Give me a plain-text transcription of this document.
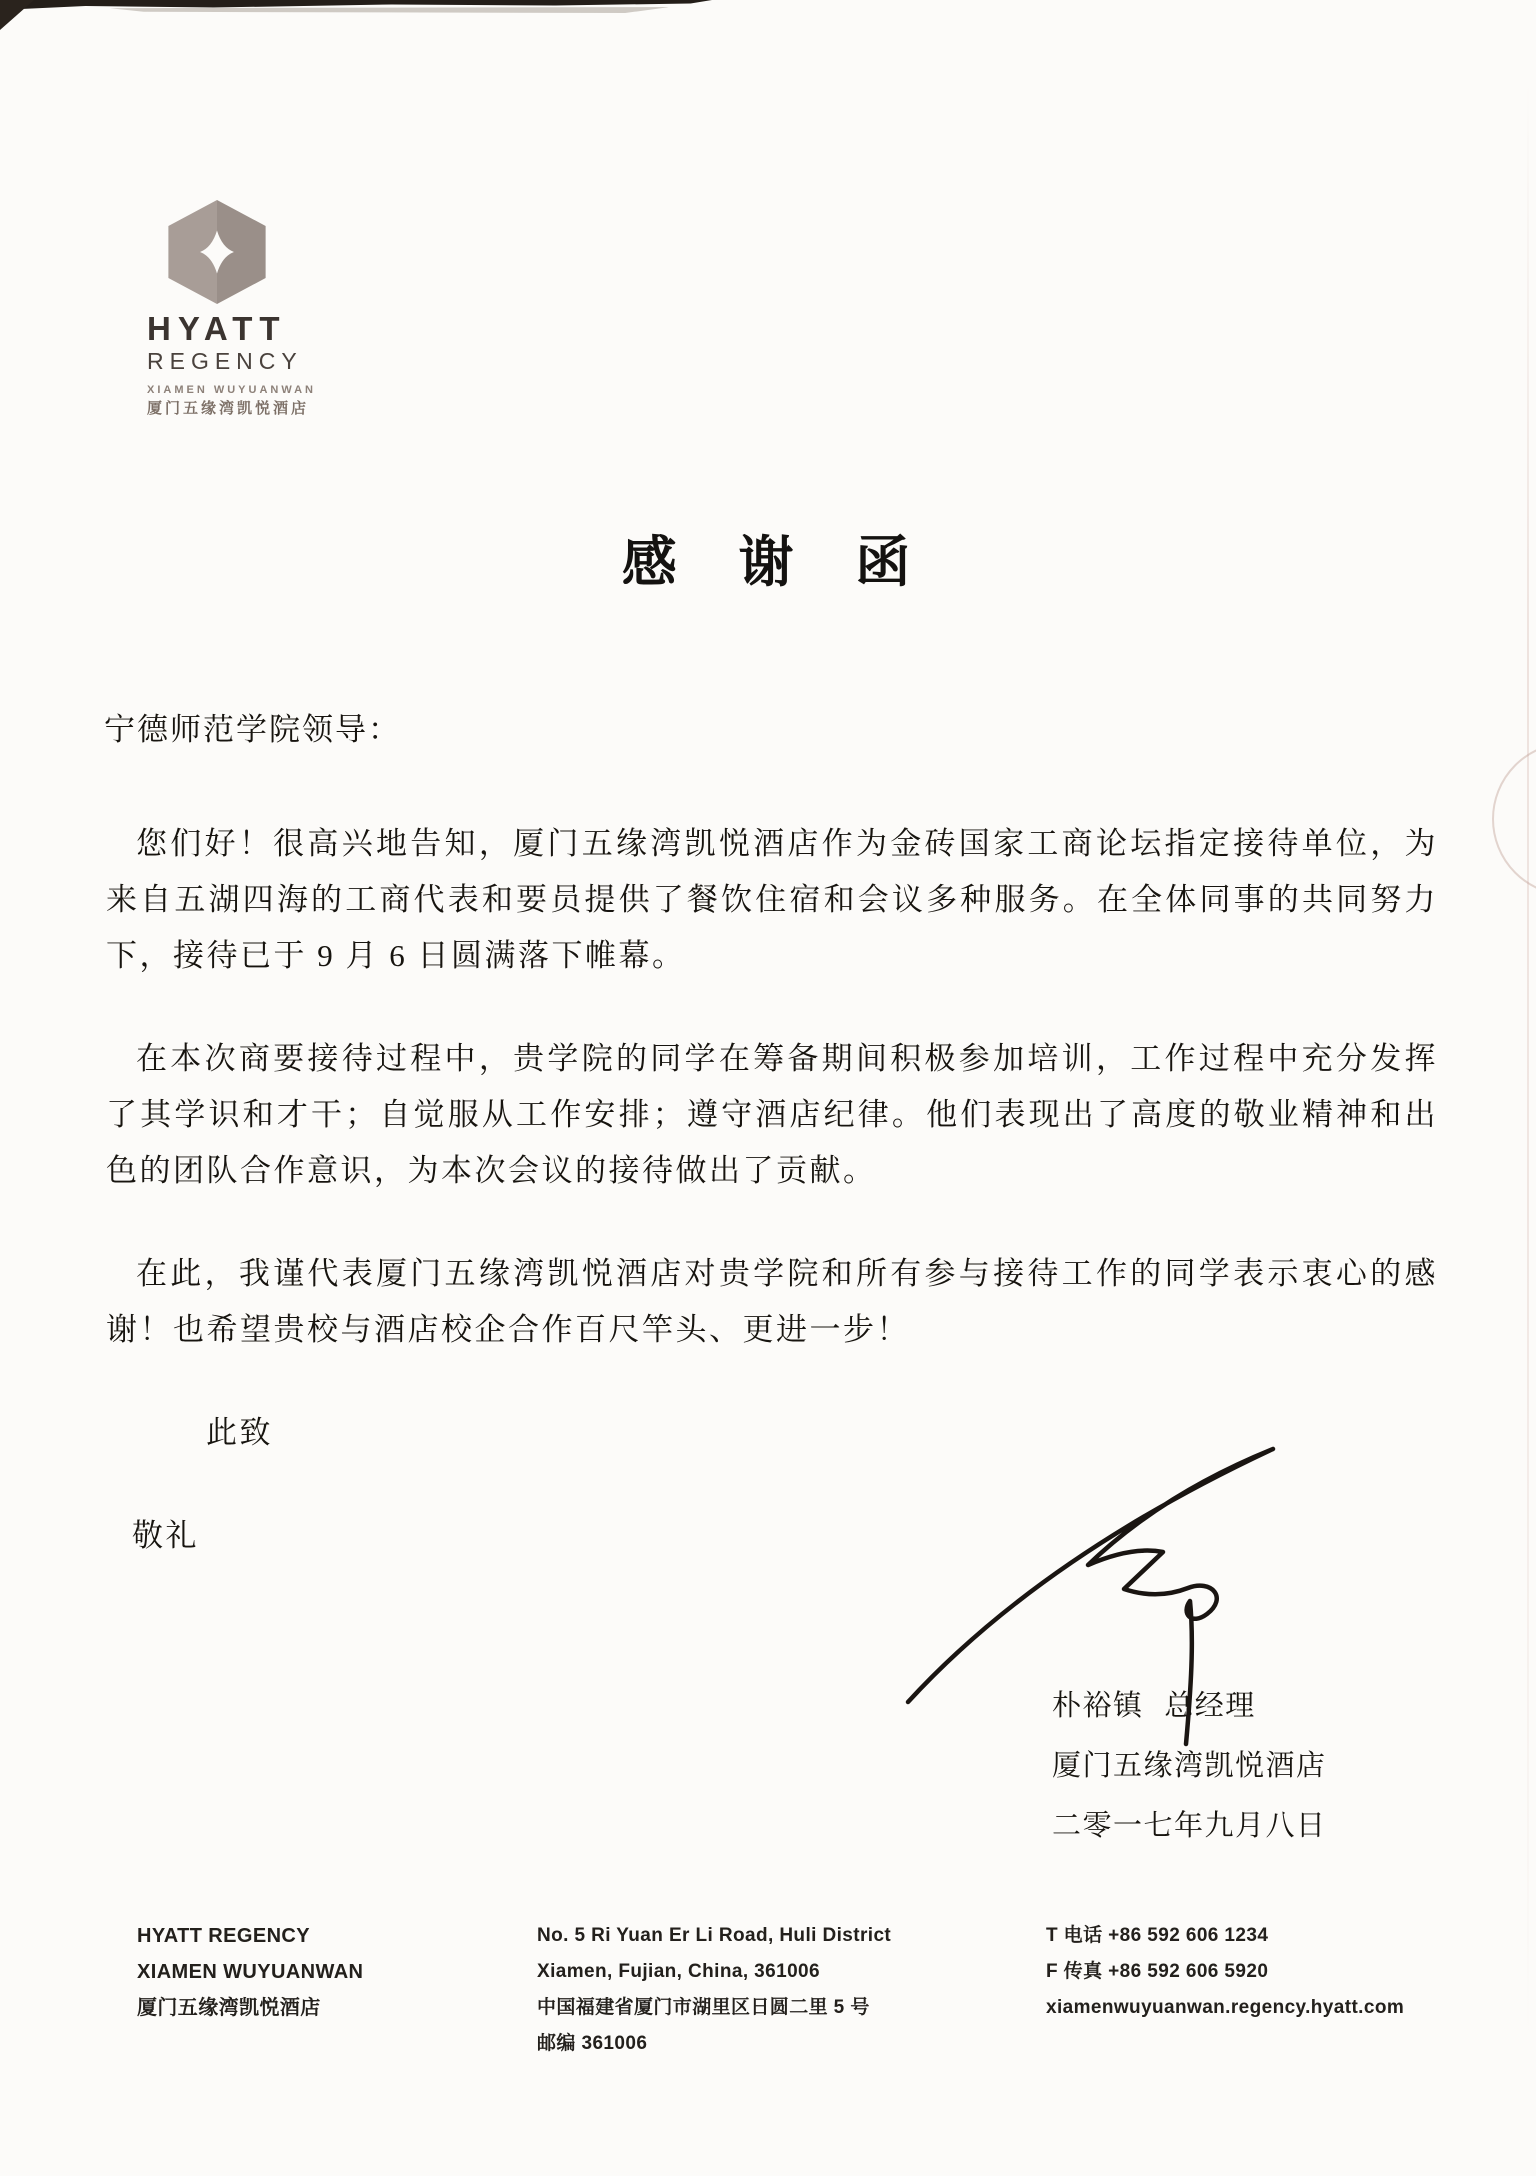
HYATT
REGENCY
XIAMEN WUYUANWAN
厦门五缘湾凯悦酒店
感 谢 函
宁德师范学院领导：

您们好！很高兴地告知，厦门五缘湾凯悦酒店作为金砖国家工商论坛指定接待单位，为来自五湖四海的工商代表和要员提供了餐饮住宿和会议多种服务。在全体同事的共同努力下，接待已于 9 月 6 日圆满落下帷幕。

在本次商要接待过程中，贵学院的同学在筹备期间积极参加培训，工作过程中充分发挥了其学识和才干；自觉服从工作安排；遵守酒店纪律。他们表现出了高度的敬业精神和出色的团队合作意识，为本次会议的接待做出了贡献。

在此，我谨代表厦门五缘湾凯悦酒店对贵学院和所有参与接待工作的同学表示衷心的感谢！也希望贵校与酒店校企合作百尺竿头、更进一步！

此致

敬礼

朴裕镇 总经理
厦门五缘湾凯悦酒店
二零一七年九月八日
HYATT REGENCY
XIAMEN WUYUANWAN
厦门五缘湾凯悦酒店
No. 5 Ri Yuan Er Li Road, Huli District
Xiamen, Fujian, China, 361006
中国福建省厦门市湖里区日圆二里 5 号
邮编 361006
T 电话 +86 592 606 1234
F 传真 +86 592 606 5920
xiamenwuyuanwan.regency.hyatt.com
